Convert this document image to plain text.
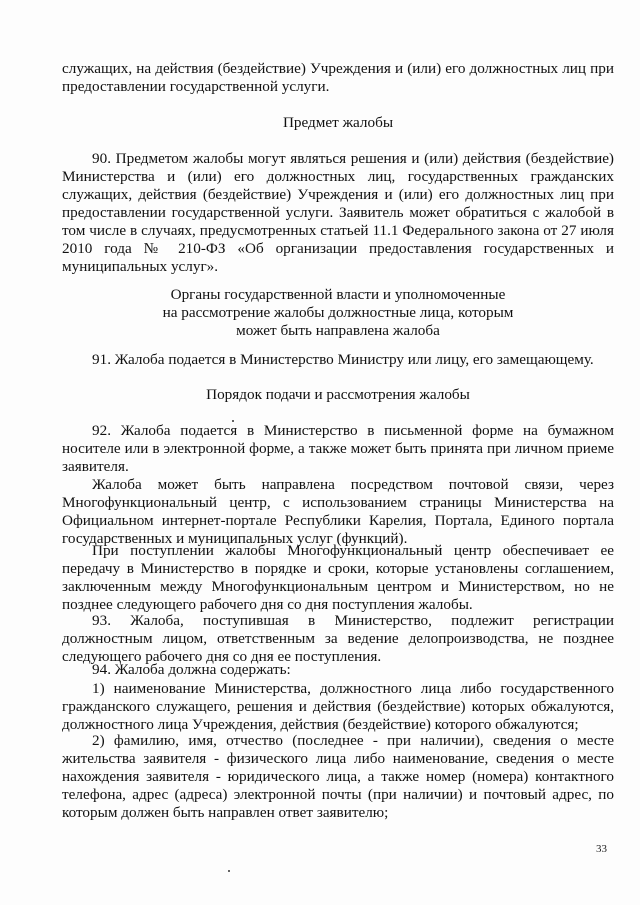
служащих, на действия (бездействие) Учреждения и (или) его должностных лиц при предоставлении государственной услуги.

Предмет жалобы

90. Предметом жалобы могут являться решения и (или) действия (бездействие) Министерства и (или) его должностных лиц, государственных гражданских служащих, действия (бездействие) Учреждения и (или) его должностных лиц при предоставлении государственной услуги. Заявитель может обратиться с жалобой в том числе в случаях, предусмотренных статьей 11.1 Федерального закона от 27 июля 2010 года № 210-ФЗ «Об организации предоставления государственных и муниципальных услуг».

Органы государственной власти и уполномоченные

на рассмотрение жалобы должностные лица, которым

может быть направлена жалоба

91. Жалоба подается в Министерство Министру или лицу, его замещающему.

Порядок подачи и рассмотрения жалобы

92. Жалоба подается в Министерство в письменной форме на бумажном носителе или в электронной форме, а также может быть принята при личном приеме заявителя.

Жалоба может быть направлена посредством почтовой связи, через Многофункциональный центр, с использованием страницы Министерства на Официальном интернет-портале Республики Карелия, Портала, Единого портала государственных и муниципальных услуг (функций).

При поступлении жалобы Многофункциональный центр обеспечивает ее передачу в Министерство в порядке и сроки, которые установлены соглашением, заключенным между Многофункциональным центром и Министерством, но не позднее следующего рабочего дня со дня поступления жалобы.

93. Жалоба, поступившая в Министерство, подлежит регистрации должностным лицом, ответственным за ведение делопроизводства, не позднее следующего рабочего дня со дня ее поступления.

94. Жалоба должна содержать:

1) наименование Министерства, должностного лица либо государственного гражданского служащего, решения и действия (бездействие) которых обжалуются, должностного лица Учреждения, действия (бездействие) которого обжалуются;

2) фамилию, имя, отчество (последнее - при наличии), сведения о месте жительства заявителя - физического лица либо наименование, сведения о месте нахождения заявителя - юридического лица, а также номер (номера) контактного телефона, адрес (адреса) электронной почты (при наличии) и почтовый адрес, по которым должен быть направлен ответ заявителю;

33
